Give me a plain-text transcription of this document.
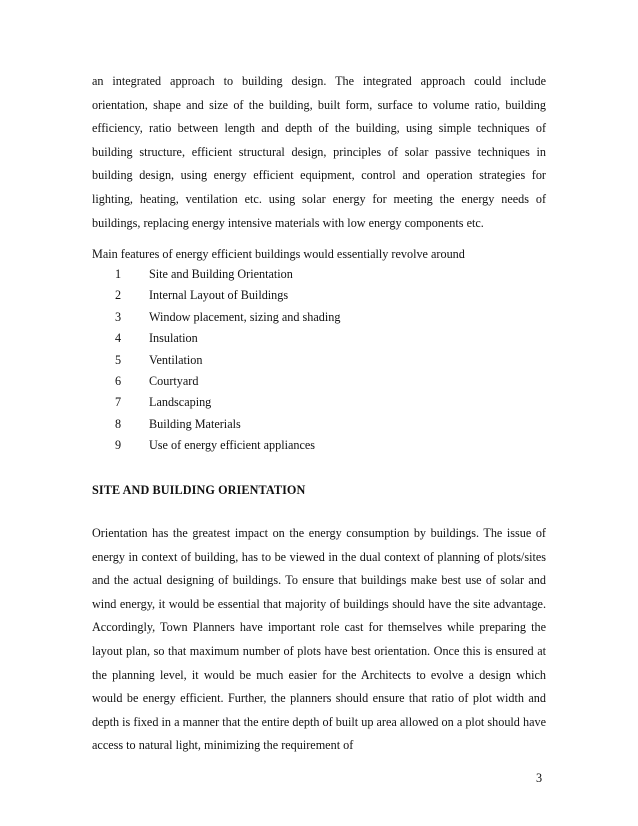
an integrated approach to building design. The integrated approach could include orientation, shape and size of the building, built form, surface to volume ratio, building efficiency, ratio between length and depth of the building, using simple techniques of building structure, efficient structural design, principles of solar passive techniques in building design, using energy efficient equipment, control and operation strategies for lighting, heating, ventilation etc. using solar energy for meeting the energy needs of buildings, replacing energy intensive materials with low energy components etc.

Main features of energy efficient buildings would essentially revolve around
1	Site and Building Orientation
2	Internal Layout of Buildings
3	Window placement, sizing and shading
4	Insulation
5	Ventilation
6	Courtyard
7	Landscaping
8	Building Materials
9	Use of energy efficient appliances
SITE AND BUILDING ORIENTATION

Orientation has the greatest impact on the energy consumption by buildings. The issue of energy in context of building, has to be viewed in the dual context of planning of plots/sites and the actual designing of buildings. To ensure that buildings make best use of solar and wind energy, it would be essential that majority of buildings should have the site advantage. Accordingly, Town Planners have important role cast for themselves while preparing the layout plan, so that maximum number of plots have best orientation. Once this is ensured at the planning level, it would be much easier for the Architects to evolve a design which would be energy efficient. Further, the planners should ensure that ratio of plot width and depth is fixed in a manner that the entire depth of built up area allowed on a plot should have access to natural light, minimizing the requirement of

3
